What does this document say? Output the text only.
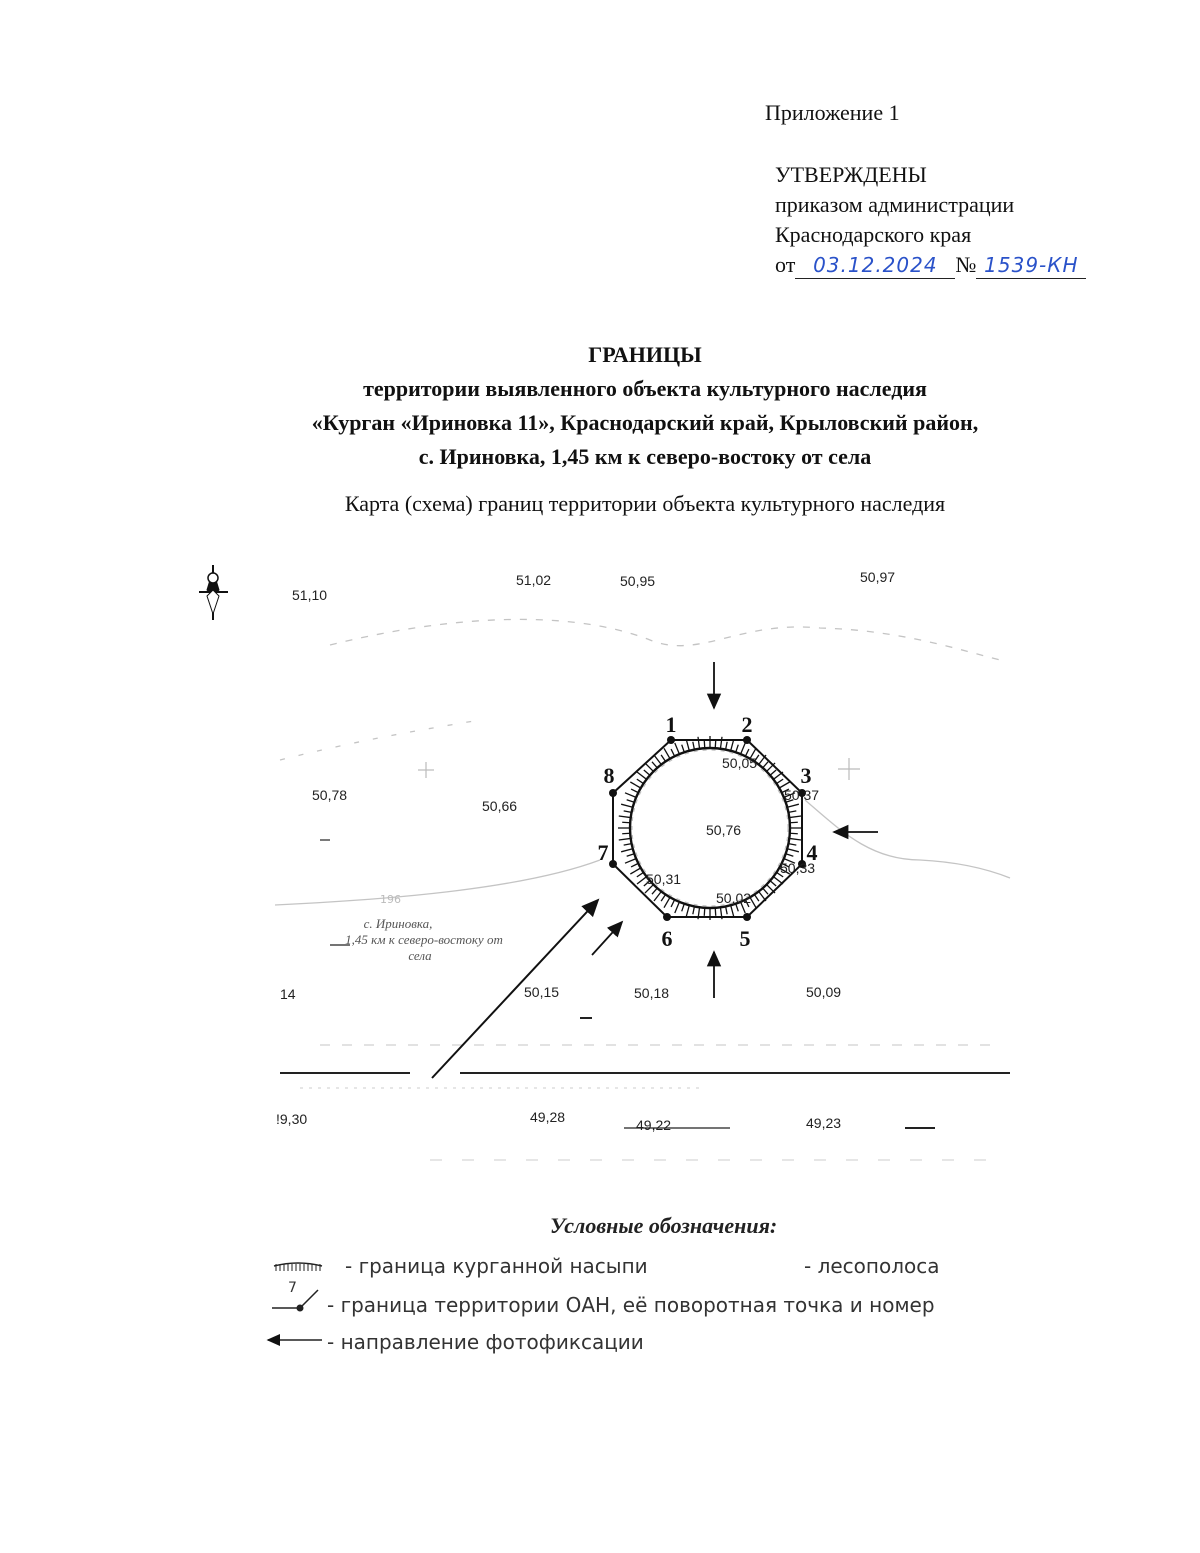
Приложение 1
УТВЕРЖДЕНЫ
приказом администрации
Краснодарского края
от 03.12.2024 № 1539-КН
ГРАНИЦЫ
территории выявленного объекта культурного наследия
«Курган «Ириновка 11», Краснодарский край, Крыловский район,
с. Ириновка, 1,45 км к северо-востоку от села
Карта (схема) границ территории объекта культурного наследия
196
с. Ириновка,
1,45 км к северо-востоку от
села
51,10
51,02	50,95	50,97
50,78
50,66
50,76
50,05
50,37
50,33
50,31
50,02
14	50,15	50,18	50,09
!9,30	49,28	49,22	49,23
1	2
3
4
5
6
7
8
Условные обозначения:
- граница курганной насыпи	- лесополоса
7
- граница территории ОАН, её поворотная точка и номер
- направление фотофиксации
